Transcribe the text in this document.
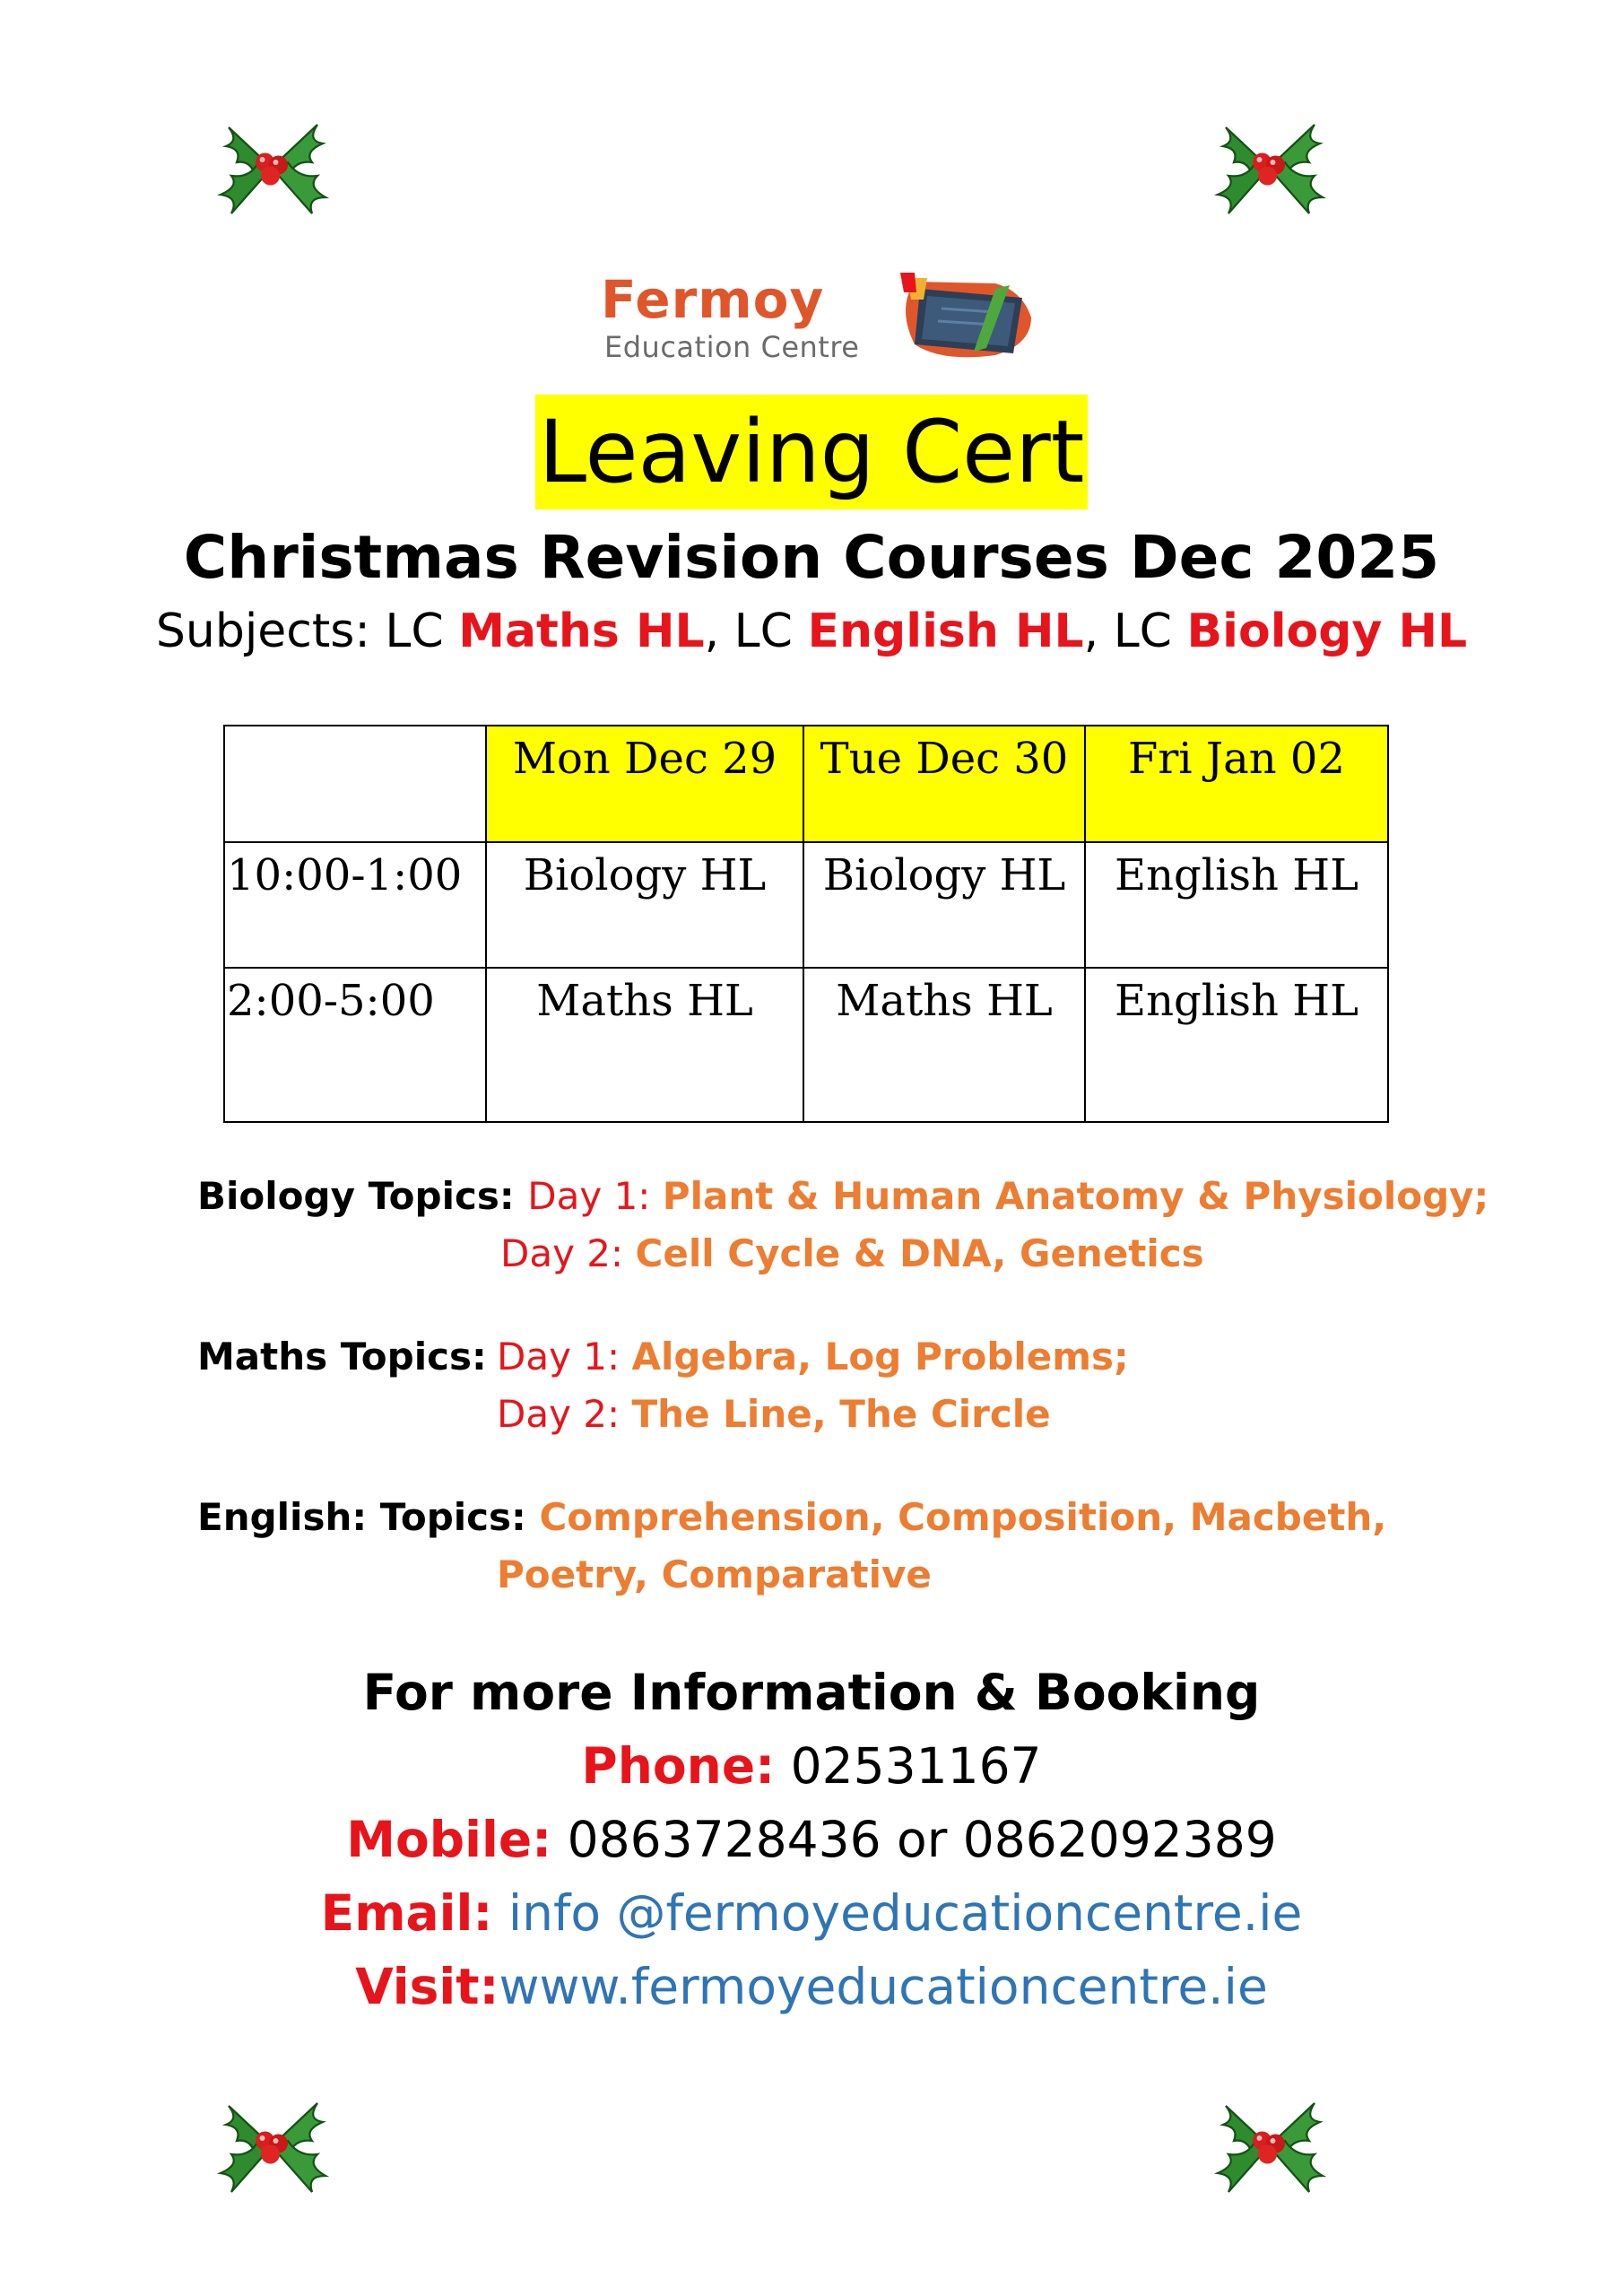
Fermoy
Education Centre
Leaving Cert
Christmas Revision Courses Dec 2025
Subjects: LC Maths HL, LC English HL, LC Biology HL
	Mon Dec 29	Tue Dec 30	Fri Jan 02
10:00-1:00	Biology HL	Biology HL	English HL
2:00-5:00	Maths HL	Maths HL	English HL
Biology Topics: Day 1: Plant & Human Anatomy & Physiology;
Day 2: Cell Cycle & DNA, Genetics
Maths Topics: Day 1: Algebra, Log Problems;
Day 2: The Line, The Circle
English: Topics: Comprehension, Composition, Macbeth,
Poetry, Comparative
For more Information & Booking
Phone: 02531167
Mobile: 0863728436 or 0862092389
Email: info @fermoyeducationcentre.ie
Visit:www.fermoyeducationcentre.ie
